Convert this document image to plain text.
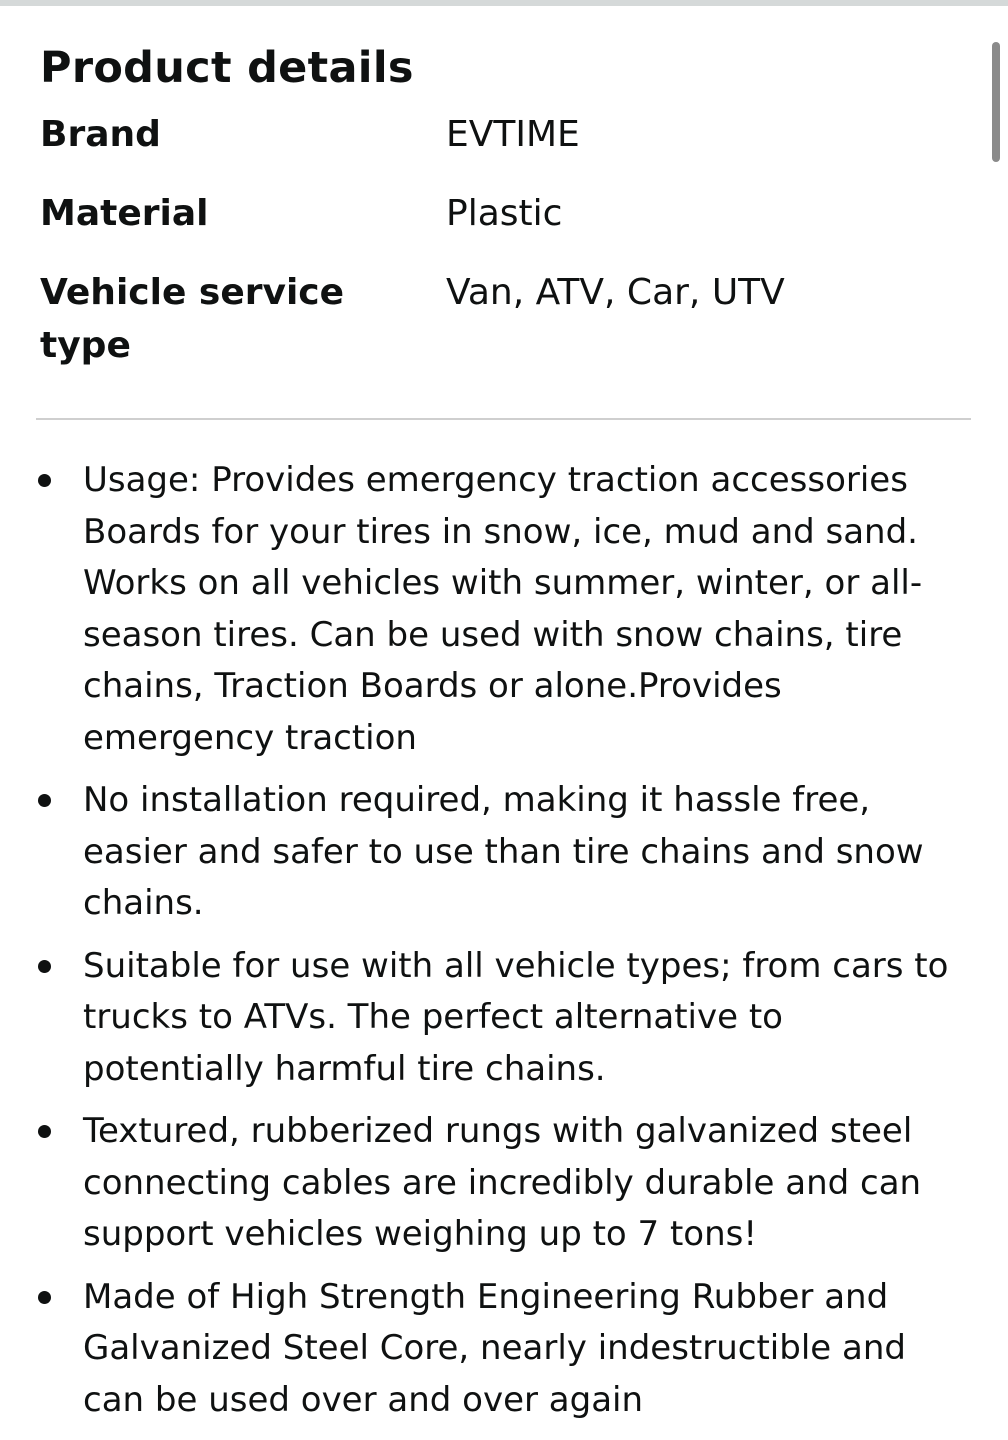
Product details
Brand	EVTIME
Material	Plastic
Vehicle service type
Van, ATV, Car, UTV
Usage: Provides emergency traction accessories Boards for your tires in snow, ice, mud and sand. Works on all vehicles with summer, winter, or all-season tires. Can be used with snow chains, tire chains, Traction Boards or alone.Provides emergency traction
No installation required, making it hassle free, easier and safer to use than tire chains and snow chains.
Suitable for use with all vehicle types; from cars to trucks to ATVs. The perfect alternative to potentially harmful tire chains.
Textured, rubberized rungs with galvanized steel connecting cables are incredibly durable and can support vehicles weighing up to 7 tons!
Made of High Strength Engineering Rubber and Galvanized Steel Core, nearly indestructible and can be used over and over again
